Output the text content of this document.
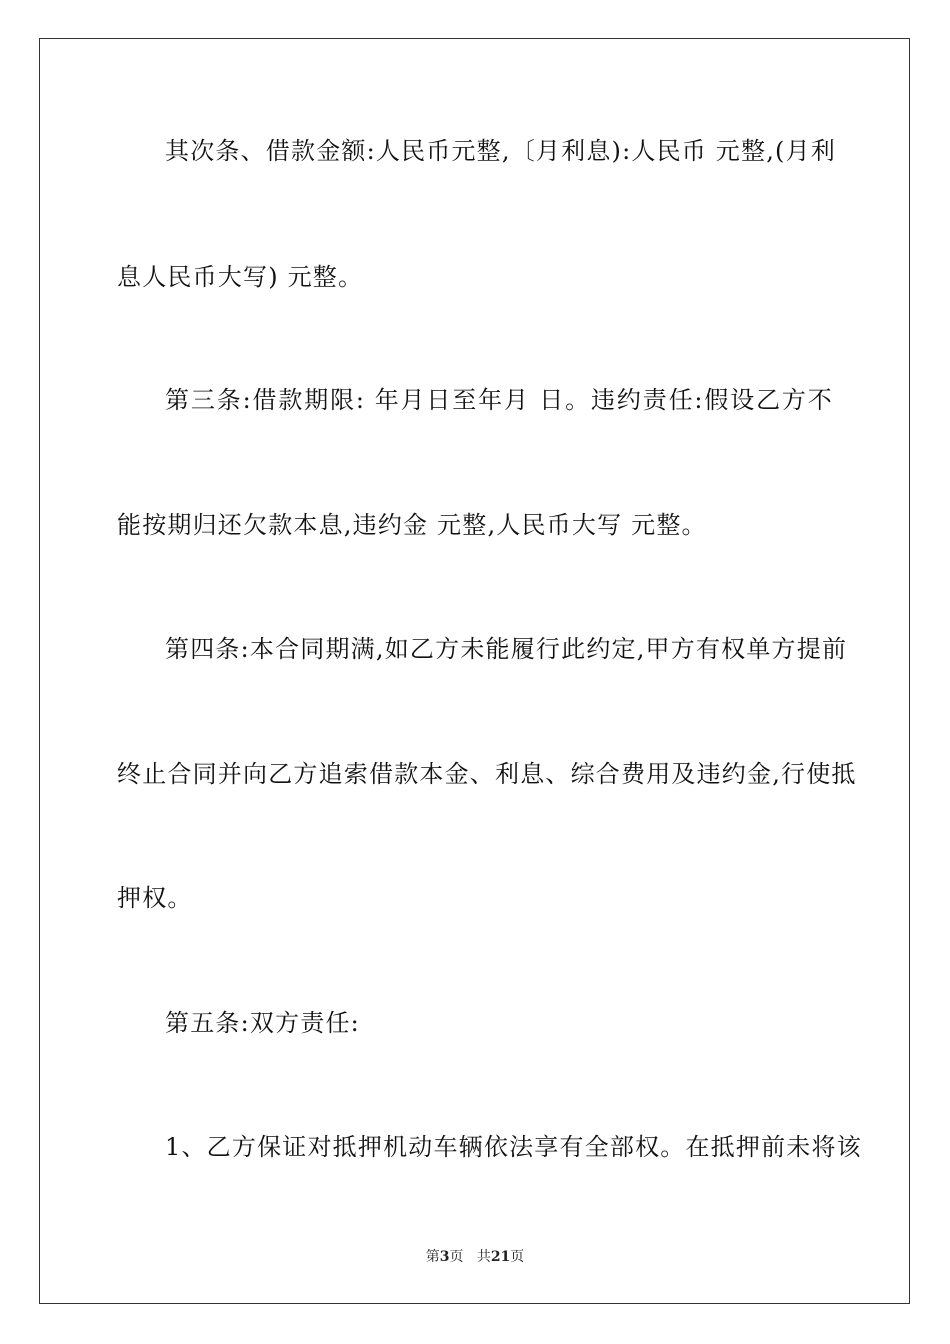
其次条、借款金额:人民币元整,〔月利息):人民币 元整,(月利
息人民币大写) 元整。
第三条:借款期限: 年月日至年月 日。违约责任:假设乙方不
能按期归还欠款本息,违约金 元整,人民币大写 元整。
第四条:本合同期满,如乙方未能履行此约定,甲方有权单方提前
终止合同并向乙方追索借款本金、利息、综合费用及违约金,行使抵
押权。
第五条:双方责任:
1、乙方保证对抵押机动车辆依法享有全部权。在抵押前未将该
第3页 共21页
